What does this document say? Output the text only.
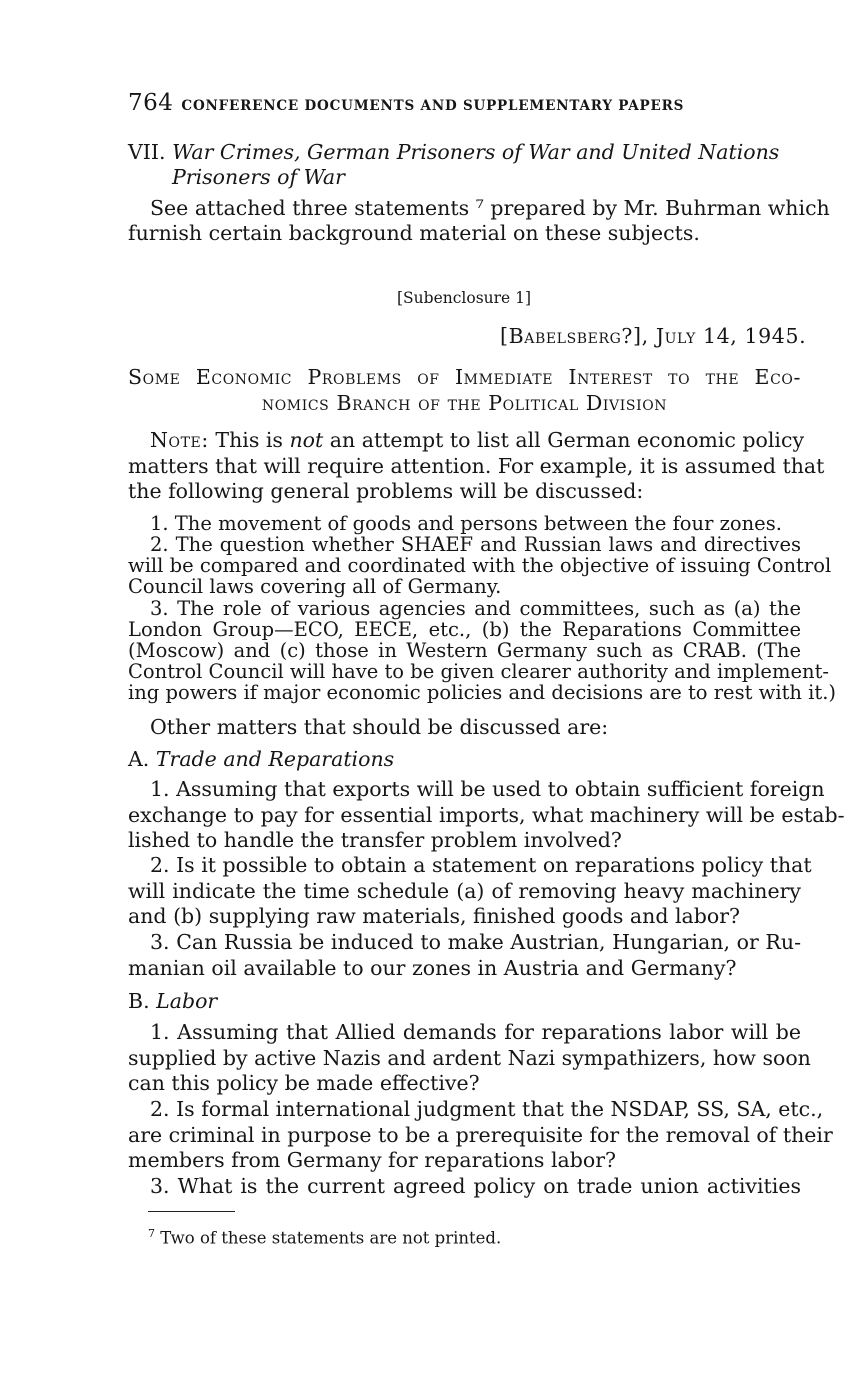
764 CONFERENCE DOCUMENTS AND SUPPLEMENTARY PAPERS
VII. War Crimes, German Prisoners of War and United Nations
Prisoners of War
See attached three statements ⁷ prepared by Mr. Buhrman which
furnish certain background material on these subjects.
[Subenclosure 1]
[Babelsberg?], July 14, 1945.
Some Economic Problems of Immediate Interest to the Eco-
nomics Branch of the Political Division
Note: This is not an attempt to list all German economic policy
matters that will require attention. For example, it is assumed that
the following general problems will be discussed:
1. The movement of goods and persons between the four zones.
2. The question whether SHAEF and Russian laws and directives
will be compared and coordinated with the objective of issuing Control
Council laws covering all of Germany.
3. The role of various agencies and committees, such as (a) the
London Group—ECO, EECE, etc., (b) the Reparations Committee
(Moscow) and (c) those in Western Germany such as CRAB. (The
Control Council will have to be given clearer authority and implement-
ing powers if major economic policies and decisions are to rest with it.)
Other matters that should be discussed are:
A. Trade and Reparations
1. Assuming that exports will be used to obtain sufficient foreign
exchange to pay for essential imports, what machinery will be estab-
lished to handle the transfer problem involved?
2. Is it possible to obtain a statement on reparations policy that
will indicate the time schedule (a) of removing heavy machinery
and (b) supplying raw materials, finished goods and labor?
3. Can Russia be induced to make Austrian, Hungarian, or Ru-
manian oil available to our zones in Austria and Germany?
B. Labor
1. Assuming that Allied demands for reparations labor will be
supplied by active Nazis and ardent Nazi sympathizers, how soon
can this policy be made effective?
2. Is formal international judgment that the NSDAP, SS, SA, etc.,
are criminal in purpose to be a prerequisite for the removal of their
members from Germany for reparations labor?
3. What is the current agreed policy on trade union activities
$^7$ Two of these statements are not printed.
